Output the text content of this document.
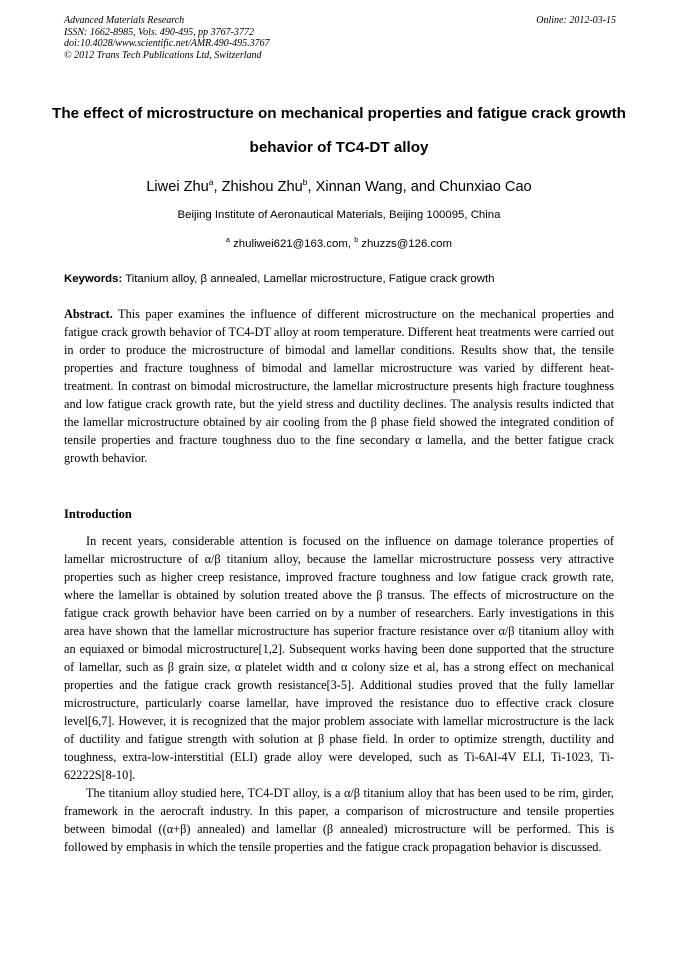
Advanced Materials Research
ISSN: 1662-8985, Vols. 490-495, pp 3767-3772
doi:10.4028/www.scientific.net/AMR.490-495.3767
© 2012 Trans Tech Publications Ltd, Switzerland
Online: 2012-03-15
The effect of microstructure on mechanical properties and fatigue crack growth behavior of TC4-DT alloy
Liwei Zhu$^a$, Zhishou Zhu$^b$, Xinnan Wang, and Chunxiao Cao
Beijing Institute of Aeronautical Materials, Beijing 100095, China
$^a$ zhuliwei621@163.com, $^b$ zhuzzs@126.com
Keywords: Titanium alloy, β annealed, Lamellar microstructure, Fatigue crack growth
Abstract. This paper examines the influence of different microstructure on the mechanical properties and fatigue crack growth behavior of TC4-DT alloy at room temperature. Different heat treatments were carried out in order to produce the microstructure of bimodal and lamellar conditions. Results show that, the tensile properties and fracture toughness of bimodal and lamellar microstructure was varied by different heat-treatment. In contrast on bimodal microstructure, the lamellar microstructure presents high fracture toughness and low fatigue crack growth rate, but the yield stress and ductility declines. The analysis results indicted that the lamellar microstructure obtained by air cooling from the β phase field showed the integrated condition of tensile properties and fracture toughness duo to the fine secondary α lamella, and the better fatigue crack growth behavior.
Introduction

In recent years, considerable attention is focused on the influence on damage tolerance properties of lamellar microstructure of α/β titanium alloy, because the lamellar microstructure possess very attractive properties such as higher creep resistance, improved fracture toughness and low fatigue crack growth rate, where the lamellar is obtained by solution treated above the β transus. The effects of microstructure on the fatigue crack growth behavior have been carried on by a number of researchers. Early investigations in this area have shown that the lamellar microstructure has superior fracture resistance over α/β titanium alloy with an equiaxed or bimodal microstructure[1,2]. Subsequent works having been done supported that the structure of lamellar, such as β grain size, α platelet width and α colony size et al, has a strong effect on mechanical properties and the fatigue crack growth resistance[3-5]. Additional studies proved that the fully lamellar microstructure, particularly coarse lamellar, have improved the resistance duo to effective crack closure level[6,7]. However, it is recognized that the major problem associate with lamellar microstructure is the lack of ductility and fatigue strength with solution at β phase field. In order to optimize strength, ductility and toughness, extra-low-interstitial (ELI) grade alloy were developed, such as Ti-6Al-4V ELI, Ti-1023, Ti-62222S[8-10].

The titanium alloy studied here, TC4-DT alloy, is a α/β titanium alloy that has been used to be rim, girder, framework in the aerocraft industry. In this paper, a comparison of microstructure and tensile properties between bimodal ((α+β) annealed) and lamellar (β annealed) microstructure will be performed. This is followed by emphasis in which the tensile properties and the fatigue crack propagation behavior is discussed.
